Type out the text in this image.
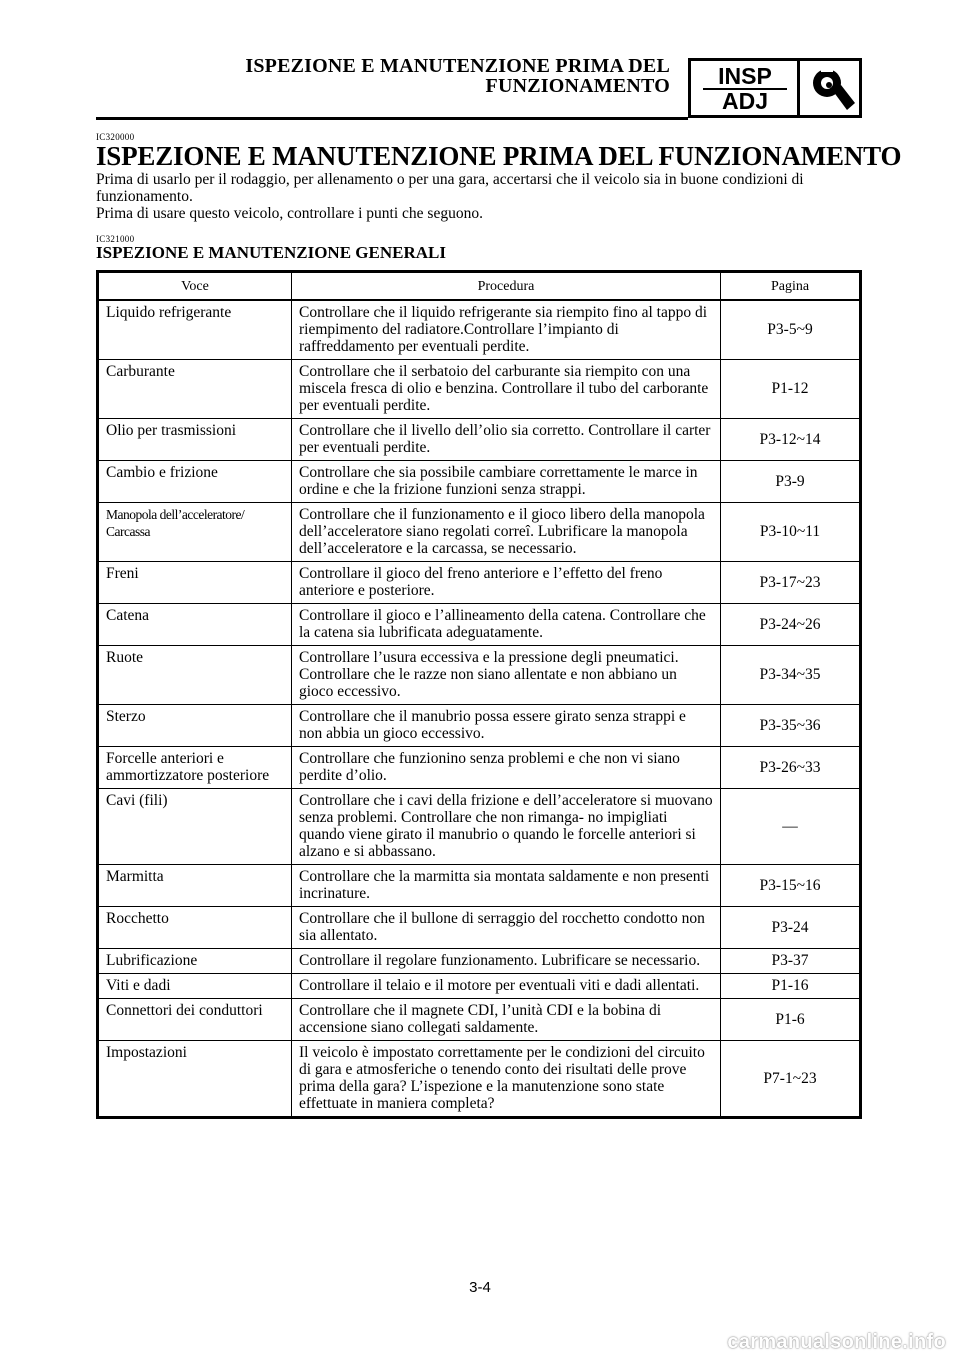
ISPEZIONE E MANUTENZIONE PRIMA DEL
FUNZIONAMENTO	INSP
ADJ
IC320000
ISPEZIONE E MANUTENZIONE PRIMA DEL FUNZIONAMENTO
Prima di usarlo per il rodaggio, per allenamento o per una gara, accertarsi che il veicolo sia in buone condizioni di funzionamento.
Prima di usare questo veicolo, controllare i punti che seguono.
IC321000
ISPEZIONE E MANUTENZIONE GENERALI
Voce	Procedura	Pagina
Liquido refrigerante	Controllare che il liquido refrigerante sia riempito fino al tappo di riempimento del radiatore.Controllare l’impianto di raffreddamento per eventuali perdite.	P3-5~9
Carburante	Controllare che il serbatoio del carburante sia riempito con una miscela fresca di olio e benzina. Controllare il tubo del carborante per eventuali perdite.	P1-12
Olio per trasmissioni	Controllare che il livello dell’olio sia corretto. Controllare il carter per eventuali perdite.	P3-12~14
Cambio e frizione	Controllare che sia possibile cambiare correttamente le marce in ordine e che la frizione funzioni senza strappi.	P3-9
Manopola dell’acceleratore/ Carcassa	Controllare che il funzionamento e il gioco libero della manopola dell’acceleratore siano regolati correî. Lubrificare la manopola dell’acceleratore e la carcassa, se necessario.	P3-10~11
Freni	Controllare il gioco del freno anteriore e l’effetto del freno anteriore e posteriore.	P3-17~23
Catena	Controllare il gioco e l’allineamento della catena. Controllare che la catena sia lubrificata adeguatamente.	P3-24~26
Ruote	Controllare l’usura eccessiva e la pressione degli pneumatici. Controllare che le razze non siano allentate e non abbiano un gioco eccessivo.	P3-34~35
Sterzo	Controllare che il manubrio possa essere girato senza strappi e non abbia un gioco eccessivo.	P3-35~36
Forcelle anteriori e ammortizzatore posteriore	Controllare che funzionino senza problemi e che non vi siano perdite d’olio.	P3-26~33
Cavi (fili)	Controllare che i cavi della frizione e dell’acceleratore si muovano senza problemi. Controllare che non rimanga- no impigliati quando viene girato il manubrio o quando le forcelle anteriori si alzano e si abbassano.	—
Marmitta	Controllare che la marmitta sia montata saldamente e non presenti incrinature.	P3-15~16
Rocchetto	Controllare che il bullone di serraggio del rocchetto condotto non sia allentato.	P3-24
Lubrificazione	Controllare il regolare funzionamento. Lubrificare se necessario.	P3-37
Viti e dadi	Controllare il telaio e il motore per eventuali viti e dadi allentati.	P1-16
Connettori dei conduttori	Controllare che il magnete CDI, l’unità CDI e la bobina di accensione siano collegati saldamente.	P1-6
Impostazioni	Il veicolo è impostato correttamente per le condizioni del circuito di gara e atmosferiche o tenendo conto dei risultati delle prove prima della gara? L’ispezione e la manutenzione sono state effettuate in maniera completa?	P7-1~23
3-4
carmanualsonline.info
